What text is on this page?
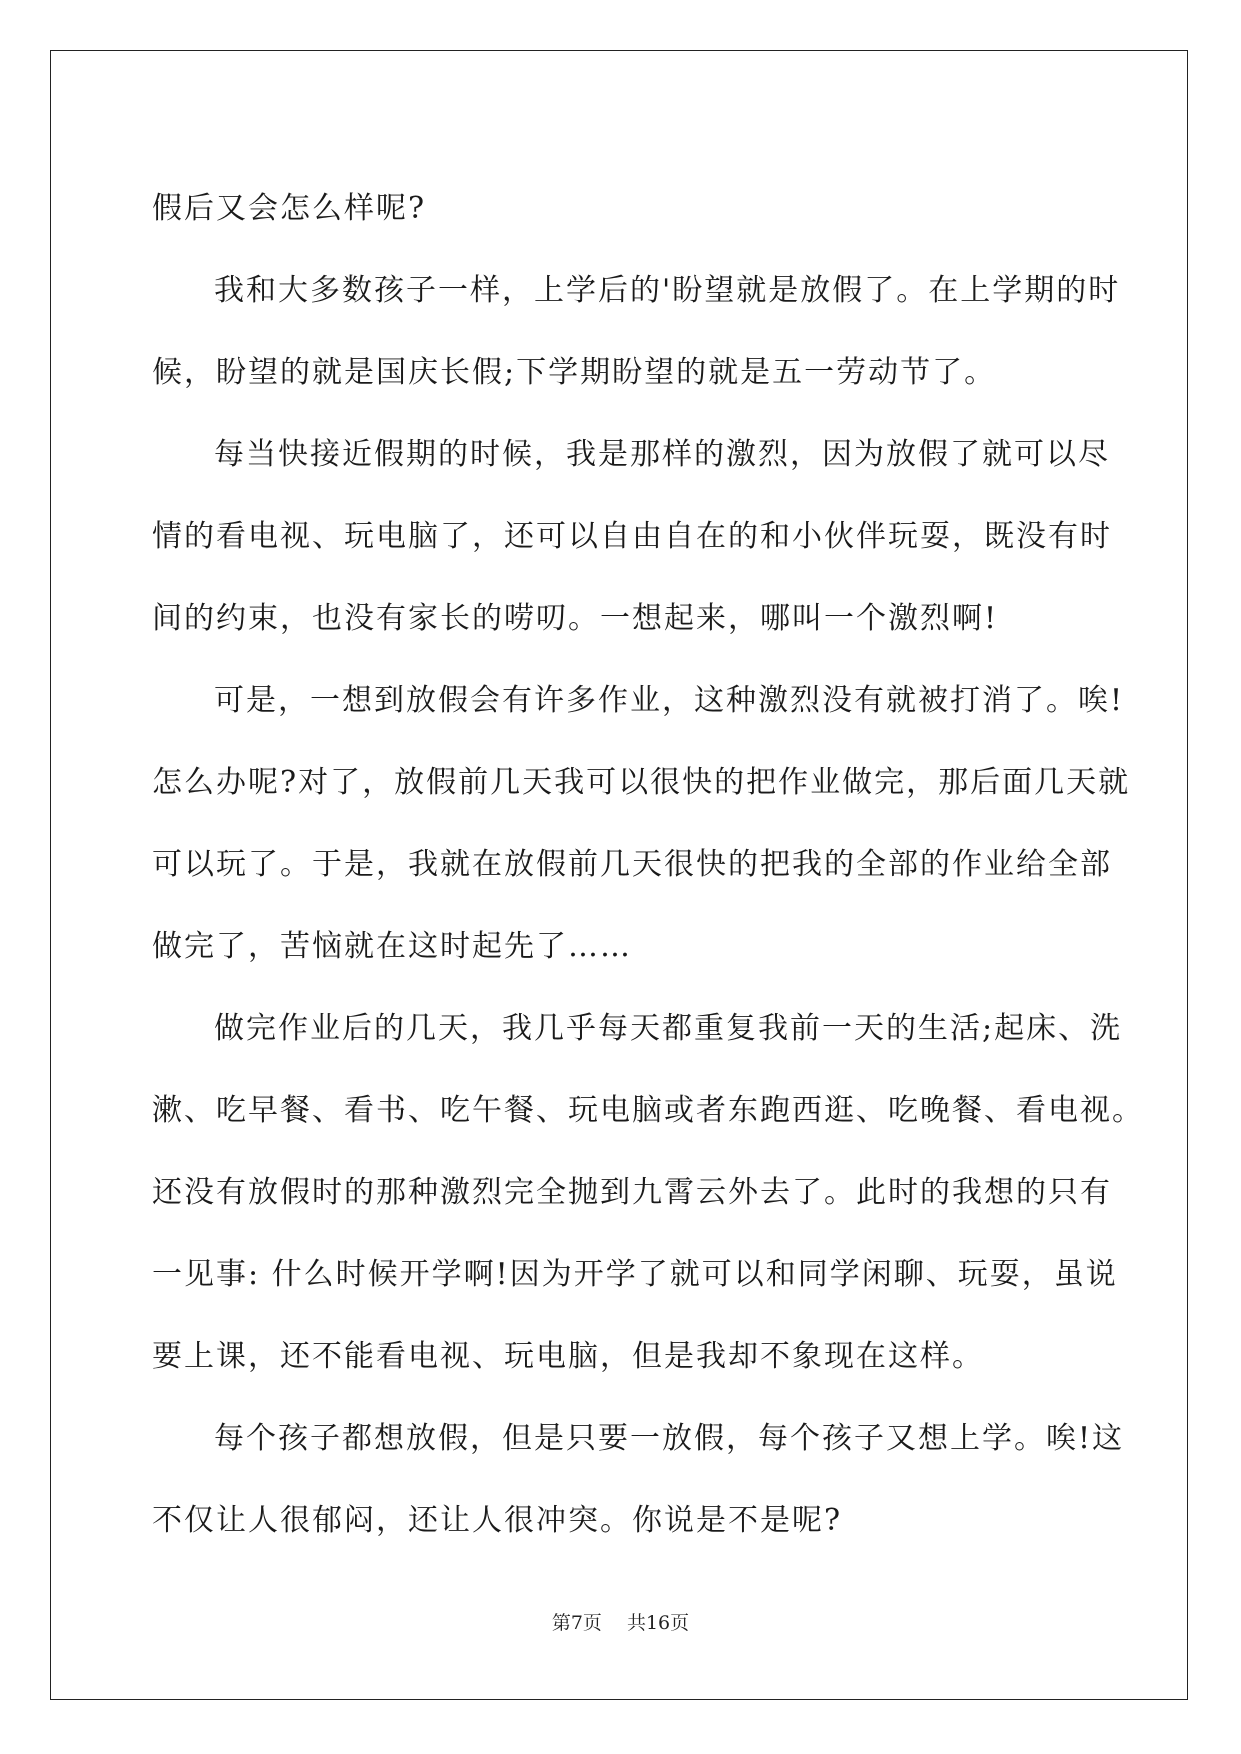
假后又会怎么样呢?
我和大多数孩子一样，上学后的'盼望就是放假了。在上学期的时
候，盼望的就是国庆长假;下学期盼望的就是五一劳动节了。
每当快接近假期的时候，我是那样的激烈，因为放假了就可以尽
情的看电视、玩电脑了，还可以自由自在的和小伙伴玩耍，既没有时
间的约束，也没有家长的唠叨。一想起来，哪叫一个激烈啊!
可是，一想到放假会有许多作业，这种激烈没有就被打消了。唉!
怎么办呢?对了，放假前几天我可以很快的把作业做完，那后面几天就
可以玩了。于是，我就在放假前几天很快的把我的全部的作业给全部
做完了，苦恼就在这时起先了……
做完作业后的几天，我几乎每天都重复我前一天的生活;起床、洗
漱、吃早餐、看书、吃午餐、玩电脑或者东跑西逛、吃晚餐、看电视。
还没有放假时的那种激烈完全抛到九霄云外去了。此时的我想的只有
一见事: 什么时候开学啊!因为开学了就可以和同学闲聊、玩耍，虽说
要上课，还不能看电视、玩电脑，但是我却不象现在这样。
每个孩子都想放假，但是只要一放假，每个孩子又想上学。唉!这
不仅让人很郁闷，还让人很冲突。你说是不是呢?
第7页　 共16页
